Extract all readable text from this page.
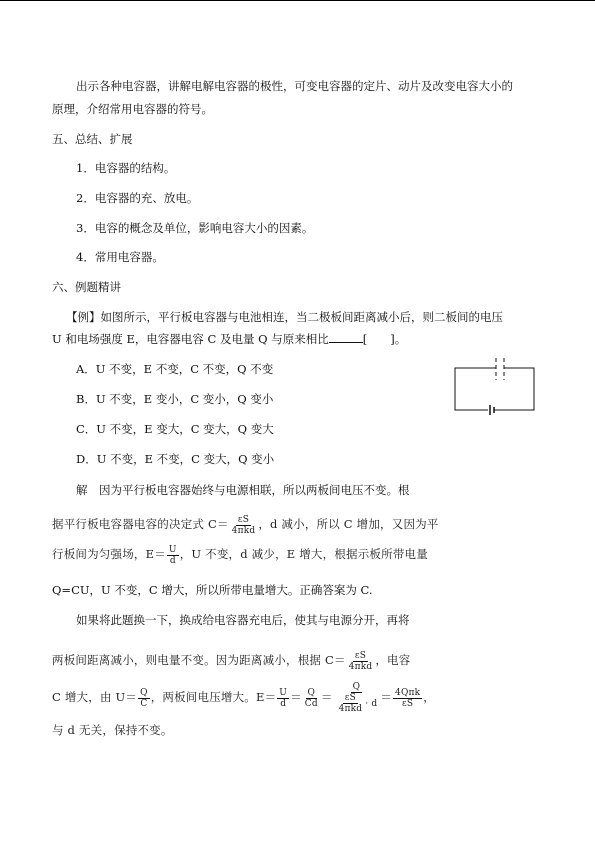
出示各种电容器，讲解电解电容器的极性，可变电容器的定片、动片及改变电容大小的
原理，介绍常用电容器的符号。
五、总结、扩展
1．电容器的结构。
2．电容器的充、放电。
3．电容的概念及单位，影响电容大小的因素。
4．常用电容器。
六、例题精讲
【例】如图所示，平行板电容器与电池相连，当二极板间距离减小后，则二板间的电压
U 和电场强度 E，电容器电容 C 及电量 Q 与原来相比	[　　]。
A．U 不变，E 不变，C 不变，Q 不变
B．U 不变，E 变小，C 变小，Q 变小
C．U 不变，E 变大，C 变大，Q 变大
D．U 不变，E 不变，C 变大，Q 变小
解　因为平行板电容器始终与电源相联，所以两板间电压不变。根
据平行板电容器电容的决定式 $C= \frac{\varepsilon S}{\text{4πkd}}$ ，d 减小，所以 C 增加，又因为平
行板间为匀强场，$E= \frac{U}{d}$ ，U 不变，d 减少，E 增大，根据示板所带电量
Q=CU，U 不变，C 增大，所以所带电量增大。正确答案为 C.
如果将此题换一下，换成给电容器充电后，使其与电源分开，再将
两板间距离减小，则电量不变。因为距离减小，根据 $C= \frac{\varepsilon S}{\text{4πkd}}$ ，电容
C 增大，由 $U= \frac{Q}{C}$ ，两板间电压增大。$E= \frac{U}{d} = \frac{Q}{Cd} = \frac{Q}{\frac{\varepsilon S}{\text{4πkd}} \cdot d} = \frac{\text{4Qπk}}{\varepsilon S}$ ，
与 d 无关，保持不变。
